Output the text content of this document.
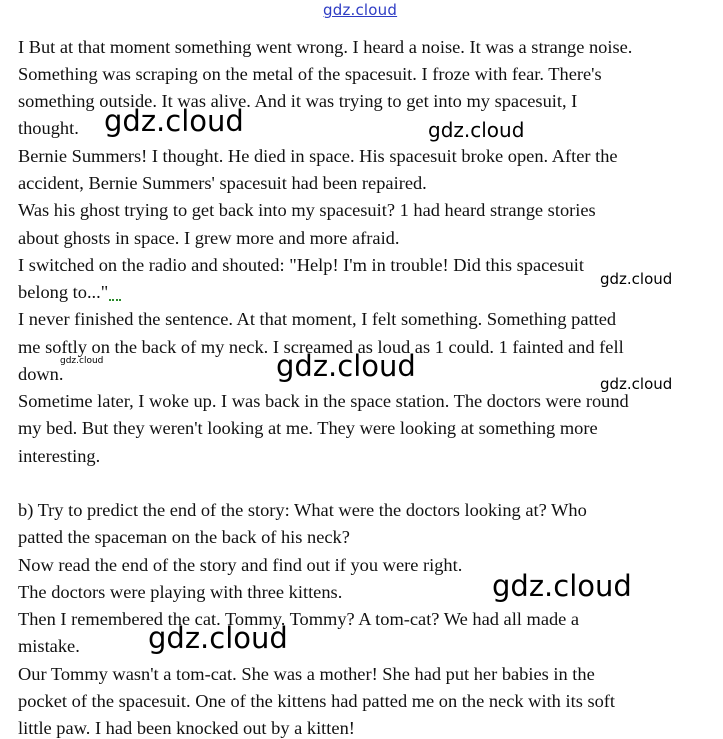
gdz.cloud
I But at that moment something went wrong. I heard a noise. It was a strange noise.
Something was scraping on the metal of the spacesuit. I froze with fear. There's
something outside. It was alive. And it was trying to get into my spacesuit, I
thought.
Bernie Summers! I thought. He died in space. His spacesuit broke open. After the
accident, Bernie Summers' spacesuit had been repaired.
Was his ghost trying to get back into my spacesuit? 1 had heard strange stories
about ghosts in space. I grew more and more afraid.
I switched on the radio and shouted: "Help! I'm in trouble! Did this spacesuit
belong to..."
I never finished the sentence. At that moment, I felt something. Something patted
me softly on the back of my neck. I screamed as loud as 1 could. 1 fainted and fell
down.
Sometime later, I woke up. I was back in the space station. The doctors were round
my bed. But they weren't looking at me. They were looking at something more
interesting.
b) Try to predict the end of the story: What were the doctors looking at? Who
patted the spaceman on the back of his neck?
Now read the end of the story and find out if you were right.
The doctors were playing with three kittens.
Then I remembered the cat. Tommy. Tommy? A tom-cat? We had all made a
mistake.
Our Tommy wasn't a tom-cat. She was a mother! She had put her babies in the
pocket of the spacesuit. One of the kittens had patted me on the neck with its soft
little paw. I had been knocked out by a kitten!
gdz.cloud	gdz.cloud
gdz.cloud
gdz.cloud	gdz.cloud
gdz.cloud
gdz.cloud
gdz.cloud
